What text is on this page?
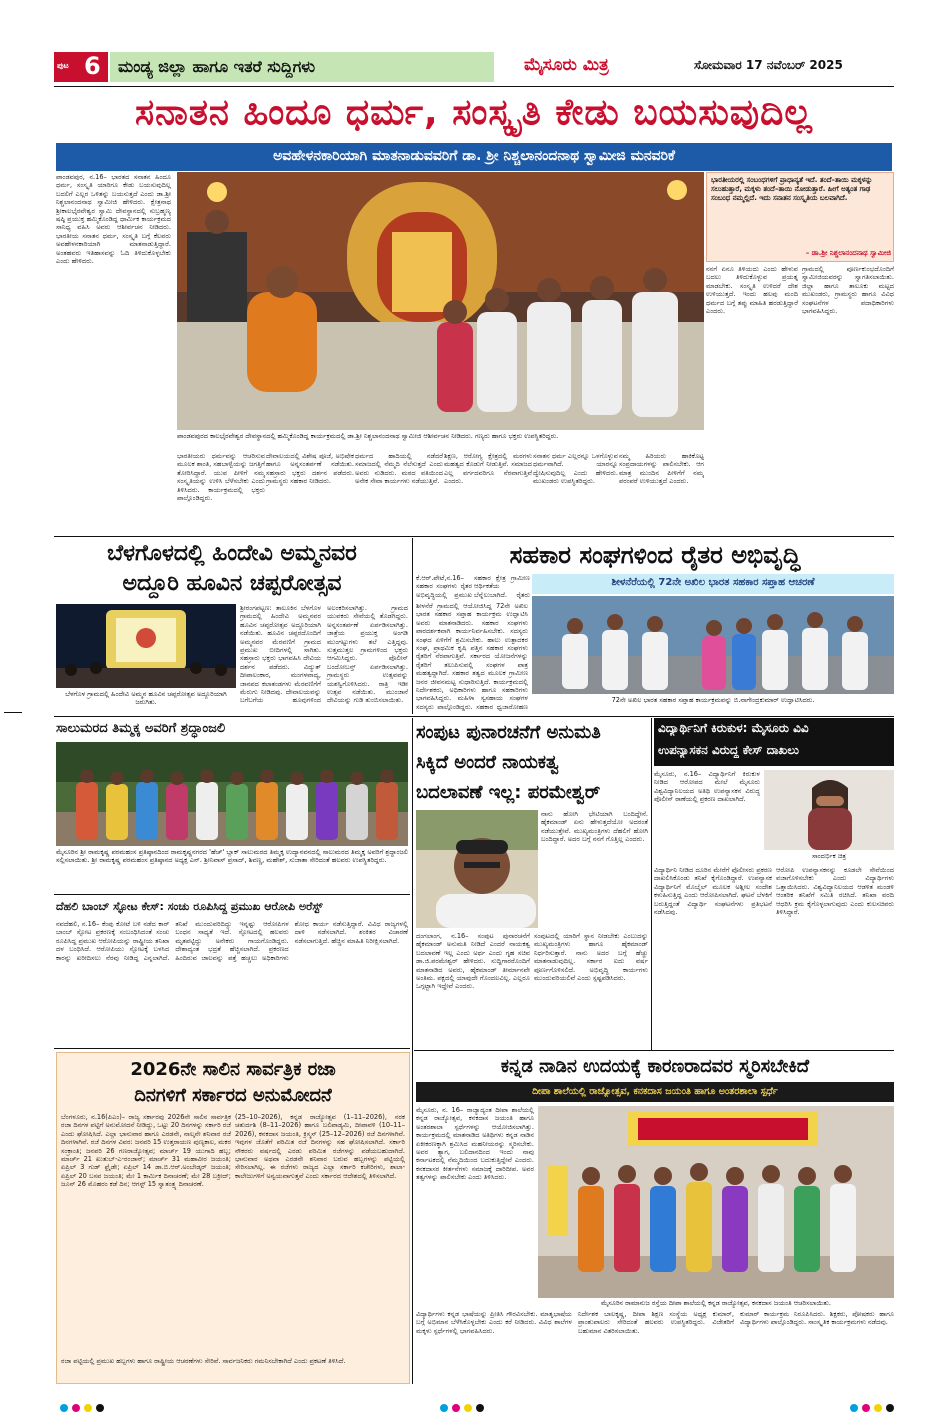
ಪುಟ 6 ಮಂಡ್ಯ ಜಿಲ್ಲಾ ಹಾಗೂ ಇತರೆ ಸುದ್ದಿಗಳು	ಮೈಸೂರು ಮಿತ್ರ	ಸೋಮವಾರ 17 ನವೆಂಬರ್ 2025
ಸನಾತನ ಹಿಂದೂ ಧರ್ಮ, ಸಂಸ್ಕೃತಿ ಕೇಡು ಬಯಸುವುದಿಲ್ಲ
ಅವಹೇಳನಕಾರಿಯಾಗಿ ಮಾತನಾಡುವವರಿಗೆ ಡಾ. ಶ್ರೀ ನಿಶ್ಚಲಾನಂದನಾಥ ಸ್ವಾಮೀಜಿ ಮನವರಿಕೆ
ಪಾಂಡವಪುರ, ನ.16– ಭಾರತದ ಸನಾತನ ಹಿಂದೂ ಧರ್ಮ, ಸಂಸ್ಕೃತಿ ಯಾರಿಗೂ ಕೇಡು ಬಯಸುವುದಿಲ್ಲ ಬದಲಿಗೆ ಎಲ್ಲರ ಒಳಿತನ್ನು ಬಯಸುತ್ತದೆ ಎಂದು ಡಾ.ಶ್ರೀ ನಿಶ್ಚಲಾನಂದನಾಥ ಸ್ವಾಮೀಜಿ ಹೇಳಿದರು. ಕ್ಷೇತ್ರನಾಥ ಶ್ರೀಕಾಲಭೈರವೇಶ್ವರ ಸ್ವಾಮಿ ದೇವಸ್ಥಾನದಲ್ಲಿ ಸುಬ್ರಹ್ಮಣ್ಯ ಷಷ್ಠಿ ಪ್ರಯುಕ್ತ ಹಮ್ಮಿಕೊಂಡಿದ್ದ ಧಾರ್ಮಿಕ ಕಾರ್ಯಕ್ರಮದ ಸಾನಿಧ್ಯ ವಹಿಸಿ ಅವರು ಆಶೀರ್ವಚನ ನೀಡಿದರು. ಭಾರತೀಯ ಸನಾತನ ಧರ್ಮ, ಸಂಸ್ಕೃತಿ ಬಗ್ಗೆ ಕೆಲವರು ಅವಹೇಳನಕಾರಿಯಾಗಿ ಮಾತನಾಡುತ್ತಿದ್ದಾರೆ. ಅಂತಹವರು ಇತಿಹಾಸವನ್ನು ಓದಿ ತಿಳಿದುಕೊಳ್ಳಬೇಕು ಎಂದು ಹೇಳಿದರು.
ಪಾಂಡವಪುರದ ಕಾಲಭೈರವೇಶ್ವರ ದೇವಸ್ಥಾನದಲ್ಲಿ ಹಮ್ಮಿಕೊಂಡಿದ್ದ ಕಾರ್ಯಕ್ರಮದಲ್ಲಿ ಡಾ.ಶ್ರೀ ನಿಶ್ಚಲಾನಂದನಾಥ ಸ್ವಾಮೀಜಿ ಆಶೀರ್ವಚನ ನೀಡಿದರು. ಗಣ್ಯರು ಹಾಗೂ ಭಕ್ತರು ಉಪಸ್ಥಿತರಿದ್ದರು.
ಭಾರತೀಯರು ಧರ್ಮವನ್ನು ಆಚರಿಸುವ ಮೂಲಕ ಶಾಂತಿ, ಸಹಬಾಳ್ವೆಯನ್ನು ಜಗತ್ತಿಗೆ ತೋರಿಸಿದ್ದಾರೆ. ಯುವ ಪೀಳಿಗೆ ನಮ್ಮ ಸಂಸ್ಕೃತಿಯನ್ನು ಉಳಿಸಿ ಬೆಳೆಸಬೇಕು ಎಂದು ತಿಳಿಸಿದರು. ಕಾರ್ಯಕ್ರಮದಲ್ಲಿ ಭಕ್ತರು ಪಾಲ್ಗೊಂಡಿದ್ದರು.
ದೇವಾಲಯದಲ್ಲಿ ವಿಶೇಷ ಪೂಜೆ, ಅಭಿಷೇಕ ಹಾಗೂ ಅನ್ನಸಂತರ್ಪಣೆ ನಡೆಯಿತು. ಸಹಸ್ರಾರು ಭಕ್ತರು ದರ್ಶನ ಪಡೆದರು. ಗ್ರಾಮಸ್ಥರು ಸಹಕಾರ ನೀಡಿದರು.
ಧರ್ಮದ ಹಾದಿಯಲ್ಲಿ ನಡೆದರೆ ಸಮಾಜದಲ್ಲಿ ನೆಮ್ಮದಿ ನೆಲೆಸುತ್ತದೆ ಎಂದು ಅವರು ನುಡಿದರು. ಮಠದ ವತಿಯಿಂದ ಅನೇಕ ಸೇವಾ ಕಾರ್ಯಗಳು ನಡೆಯುತ್ತಿವೆ.
ಶಿಕ್ಷಣ, ಆರೋಗ್ಯ ಕ್ಷೇತ್ರದಲ್ಲಿ ಮಠಗಳು ಮಹತ್ವದ ಕೊಡುಗೆ ನೀಡುತ್ತಿವೆ. ಸಮಾಜದ ಎಲ್ಲ ವರ್ಗದವರಿಗೂ ನೆರವಾಗುತ್ತಿವೆ ಎಂದರು.
ಸನಾತನ ಧರ್ಮ ಎಲ್ಲರನ್ನೂ ಒಳಗೊಳ್ಳುವ ಧರ್ಮವಾಗಿದೆ. ಯಾರನ್ನೂ ದ್ವೇಷಿಸುವುದಿಲ್ಲ ಎಂದು ಹೇಳಿದರು. ಮುಖಂಡರು ಉಪಸ್ಥಿತರಿದ್ದರು.
ನಮ್ಮ ಹಿರಿಯರು ಹಾಕಿಕೊಟ್ಟ ಸಂಪ್ರದಾಯಗಳನ್ನು ಪಾಲಿಸಬೇಕು. ಆಗ ಮಾತ್ರ ಮುಂದಿನ ಪೀಳಿಗೆಗೆ ನಮ್ಮ ಪರಂಪರೆ ಉಳಿಯುತ್ತದೆ ಎಂದರು.
ಭಾರತೀಯರಲ್ಲಿ ಸಂಬಂಧಗಳಿಗೆ ಪ್ರಾಧಾನ್ಯತೆ ಇದೆ. ತಂದೆ–ತಾಯಿ ಮಕ್ಕಳನ್ನು ಸಲುಹುತ್ತಾರೆ, ಮಕ್ಕಳು ತಂದೆ–ತಾಯಿ ನೋಡುತ್ತಾರೆ. ಹೀಗೆ ಅತ್ಯಂತ ಗಾಢ ಸಂಬಂಧ ನಮ್ಮಲ್ಲಿದೆ. ಇದು ಸನಾತನ ಸಂಸ್ಕೃತಿಯ ಬಲವಾಗಿದೆ.
– ಡಾ.ಶ್ರೀ ನಿಶ್ಚಲಾನಂದನಾಥ ಸ್ವಾಮೀಜಿ
ನನಗೆ ಏನೂ ತಿಳಿಯದು ಎಂದು ಹೇಳುವ ಬದಲು ತಿಳಿದುಕೊಳ್ಳುವ ಪ್ರಯತ್ನ ಮಾಡಬೇಕು. ಸಂಸ್ಕೃತಿ ಉಳಿದರೆ ದೇಶ ಉಳಿಯುತ್ತದೆ. ಇಂದು ಹಲವು ಮಂದಿ ಧರ್ಮದ ಬಗ್ಗೆ ತಪ್ಪು ಮಾಹಿತಿ ಹರಡುತ್ತಿದ್ದಾರೆ ಎಂದರು.
ಗ್ರಾಮದಲ್ಲಿ ಪೂರ್ಣಕುಂಭದೊಂದಿಗೆ ಸ್ವಾಮೀಜಿಯವರನ್ನು ಸ್ವಾಗತಿಸಲಾಯಿತು. ಜಿಲ್ಲಾ ಹಾಗೂ ತಾಲೂಕು ಮಟ್ಟದ ಮುಖಂಡರು, ಗ್ರಾಮಸ್ಥರು ಹಾಗೂ ವಿವಿಧ ಸಂಘಟನೆಗಳ ಪದಾಧಿಕಾರಿಗಳು ಭಾಗವಹಿಸಿದ್ದರು.
ಬೆಳಗೊಳದಲ್ಲಿ ಹಿಂದೇವಿ ಅಮ್ಮನವರ
ಅದ್ದೂರಿ ಹೂವಿನ ಚಪ್ಪರೋತ್ಸವ
ಬೆಳಗೊಳ ಗ್ರಾಮದಲ್ಲಿ ಹಿಂದೇವಿ ಅಮ್ಮನ ಹೂವಿನ ಚಪ್ಪರೋತ್ಸವ ಅದ್ದೂರಿಯಾಗಿ ಜರುಗಿತು.
ಶ್ರೀರಂಗಪಟ್ಟಣ: ತಾಲೂಕಿನ ಬೆಳಗೊಳ ಗ್ರಾಮದಲ್ಲಿ ಹಿಂದೇವಿ ಅಮ್ಮನವರ ಹೂವಿನ ಚಪ್ಪರೋತ್ಸವ ಅದ್ದೂರಿಯಾಗಿ ನಡೆಯಿತು. ಹೂವಿನ ಚಪ್ಪರದೊಂದಿಗೆ ಅಮ್ಮನವರ ಮೆರವಣಿಗೆ ಗ್ರಾಮದ ಪ್ರಮುಖ ಬೀದಿಗಳಲ್ಲಿ ಸಾಗಿತು. ಸಹಸ್ರಾರು ಭಕ್ತರು ಭಾಗವಹಿಸಿ ದೇವಿಯ ದರ್ಶನ ಪಡೆದರು. ವಿದ್ಯುತ್ ದೀಪಾಲಂಕಾರ, ಮಂಗಳವಾದ್ಯ, ಜಾನಪದ ಕಲಾತಂಡಗಳು ಮೆರವಣಿಗೆಗೆ ಮೆರುಗು ನೀಡಿದವು. ದೇವಾಲಯವನ್ನು ಬಗೆಬಗೆಯ ಹೂವುಗಳಿಂದ ಅಲಂಕರಿಸಲಾಗಿತ್ತು. ಗ್ರಾಮದ ಯುವಕರು ಸೇವೆಯಲ್ಲಿ ತೊಡಗಿದ್ದರು. ಅನ್ನಸಂತರ್ಪಣೆ ಏರ್ಪಡಿಸಲಾಗಿತ್ತು. ಜಾತ್ರೆಯ ಪ್ರಯುಕ್ತ ಅಂಗಡಿ ಮುಂಗಟ್ಟುಗಳು ತಲೆ ಎತ್ತಿದ್ದವು. ಸುತ್ತಮುತ್ತಲ ಗ್ರಾಮಗಳಿಂದ ಭಕ್ತರು ಆಗಮಿಸಿದ್ದರು. ಪೊಲೀಸ್ ಬಂದೋಬಸ್ತ್ ಏರ್ಪಡಿಸಲಾಗಿತ್ತು. ಗ್ರಾಮಸ್ಥರು ಉತ್ಸವವನ್ನು ಯಶಸ್ವಿಗೊಳಿಸಿದರು. ರಾತ್ರಿ ಇಡೀ ಉತ್ಸವ ನಡೆಯಿತು. ಮುಂಜಾನೆ ದೇವಿಯನ್ನು ಗುಡಿ ತುಂಬಿಸಲಾಯಿತು.
ಸಹಕಾರ ಸಂಘಗಳಿಂದ ರೈತರ ಅಭಿವೃದ್ಧಿ
ಶೀಳನೆರೆಯಲ್ಲಿ 72ನೇ ಅಖಿಲ ಭಾರತ ಸಹಕಾರ ಸಪ್ತಾಹ ಆಚರಣೆ
ಕೆ.ಆರ್.ಪೇಟೆ,ನ.16– ಸಹಕಾರ ಸಂಘಗಳು ರೈತರ ಅಭಿವೃದ್ಧಿಯಲ್ಲಿ ಪ್ರಮುಖ
ಸಹಕಾರ ಕ್ಷೇತ್ರ ಗ್ರಾಮೀಣ ಆರ್ಥಿಕತೆಯ ಬೆನ್ನೆಲುಬಾಗಿದೆ. ರೈತರು
ಶೀಳನೆರೆ ಗ್ರಾಮದಲ್ಲಿ ಆಯೋಜಿಸಿದ್ದ 72ನೇ ಅಖಿಲ ಭಾರತ ಸಹಕಾರ ಸಪ್ತಾಹ ಕಾರ್ಯಕ್ರಮ ಉದ್ಘಾಟಿಸಿ ಅವರು ಮಾತನಾಡಿದರು. ಸಹಕಾರ ಸಂಘಗಳು ಪಾರದರ್ಶಕವಾಗಿ ಕಾರ್ಯನಿರ್ವಹಿಸಬೇಕು. ಸದಸ್ಯರು ಸಂಘದ ಏಳಿಗೆಗೆ ಶ್ರಮಿಸಬೇಕು. ಹಾಲು ಉತ್ಪಾದಕರ ಸಂಘ, ಪ್ರಾಥಮಿಕ ಕೃಷಿ ಪತ್ತಿನ ಸಹಕಾರ ಸಂಘಗಳು ರೈತರಿಗೆ ನೆರವಾಗುತ್ತಿವೆ. ಸರ್ಕಾರದ ಯೋಜನೆಗಳನ್ನು ರೈತರಿಗೆ ತಲುಪಿಸುವಲ್ಲಿ ಸಂಘಗಳ ಪಾತ್ರ ಮಹತ್ವದ್ದಾಗಿದೆ. ಸಹಕಾರ ತತ್ವದ ಮೂಲಕ ಗ್ರಾಮೀಣ ಜನರ ಜೀವನಮಟ್ಟ ಸುಧಾರಿಸುತ್ತಿದೆ. ಕಾರ್ಯಕ್ರಮದಲ್ಲಿ ನಿರ್ದೇಶಕರು, ಅಧಿಕಾರಿಗಳು ಹಾಗೂ ಸಹಕಾರಿಗಳು ಭಾಗವಹಿಸಿದ್ದರು. ಮಹಿಳಾ ಸ್ವಸಹಾಯ ಸಂಘಗಳ ಸದಸ್ಯರು ಪಾಲ್ಗೊಂಡಿದ್ದರು. ಸಹಕಾರ ಧ್ವಜಾರೋಹಣ
72ನೇ ಅಖಿಲ ಭಾರತ ಸಹಕಾರ ಸಪ್ತಾಹ ಕಾರ್ಯಕ್ರಮವನ್ನು ಬಿ.ನಾಗೇಂದ್ರಕುಮಾರ್ ಉದ್ಘಾಟಿಸಿದರು.
ಸಾಲುಮರದ ತಿಮ್ಮಕ್ಕ ಅವರಿಗೆ ಶ್ರದ್ಧಾಂಜಲಿ
ಮೈಸೂರಿನ ಶ್ರೀ ರಾಮಕೃಷ್ಣ ಪರಮಹಂಸ ಪ್ರತಿಷ್ಠಾನದಿಂದ ರಾಮಕೃಷ್ಣನಗರದ 'ಹೆಚ್' ಬ್ಲಾಕ್ ಸಾಲುಮರದ ತಿಮ್ಮಕ್ಕ ಉದ್ಯಾನವನದಲ್ಲಿ ಸಾಲುಮರದ ತಿಮ್ಮಕ್ಕ ಅವರಿಗೆ ಶ್ರದ್ಧಾಂಜಲಿ ಸಲ್ಲಿಸಲಾಯಿತು. ಶ್ರೀ ರಾಮಕೃಷ್ಣ ಪರಮಹಂಸ ಪ್ರತಿಷ್ಠಾನದ ಅಧ್ಯಕ್ಷ ಎನ್. ಶ್ರೀನಿವಾಸ್ ಪ್ರಸಾದ್, ಶಿವಣ್ಣ, ಮಹೇಶ್, ಸುಜಾತಾ ಸೇರಿದಂತೆ ಹಲವರು ಉಪಸ್ಥಿತರಿದ್ದರು.
ದೆಹಲಿ ಬಾಂಬ್ ಸ್ಫೋಟ ಕೇಸ್: ಸಂಚು ರೂಪಿಸಿದ್ದ ಪ್ರಮುಖ ಆರೋಪಿ ಅರೆಸ್ಟ್
ನವದೆಹಲಿ, ನ.16– ಕೆಂಪು ಕೋಟೆ ಬಳಿ ನಡೆದ ಕಾರ್ ಬಾಂಬ್ ಸ್ಫೋಟ ಪ್ರಕರಣಕ್ಕೆ ಸಂಬಂಧಿಸಿದಂತೆ ಸಂಚು ರೂಪಿಸಿದ್ದ ಪ್ರಮುಖ ಆರೋಪಿಯನ್ನು ರಾಷ್ಟ್ರೀಯ ತನಿಖಾ ದಳ ಬಂಧಿಸಿದೆ. ಆರೋಪಿಯು ಸ್ಫೋಟಕ್ಕೆ ಬಳಸಿದ ಕಾರನ್ನು ಖರೀದಿಸಲು ನೆರವು ನೀಡಿದ್ದ ಎನ್ನಲಾಗಿದೆ. ತನಿಖೆ ಮುಂದುವರಿದಿದ್ದು ಇನ್ನಷ್ಟು ಆರೋಪಿಗಳ ಬಂಧನ ಸಾಧ್ಯತೆ ಇದೆ. ಸ್ಫೋಟದಲ್ಲಿ ಹಲವರು ಮೃತಪಟ್ಟಿದ್ದು ಅನೇಕರು ಗಾಯಗೊಂಡಿದ್ದರು. ದೇಶಾದ್ಯಂತ ಭದ್ರತೆ ಹೆಚ್ಚಿಸಲಾಗಿದೆ. ಪ್ರಕರಣದ ಹಿಂದಿರುವ ಜಾಲವನ್ನು ಪತ್ತೆ ಹಚ್ಚಲು ಅಧಿಕಾರಿಗಳು ಶೋಧ ಕಾರ್ಯ ನಡೆಸುತ್ತಿದ್ದಾರೆ. ವಿವಿಧ ರಾಜ್ಯಗಳಲ್ಲಿ ದಾಳಿ ನಡೆಸಲಾಗಿದೆ. ಶಂಕಿತರ ವಿಚಾರಣೆ ನಡೆಸಲಾಗುತ್ತಿದೆ. ಹೆಚ್ಚಿನ ಮಾಹಿತಿ ನಿರೀಕ್ಷಿಸಲಾಗಿದೆ.
ಸಂಪುಟ ಪುನಾರಚನೆಗೆ ಅನುಮತಿ
ಸಿಕ್ಕಿದೆ ಅಂದರೆ ನಾಯಕತ್ವ
ಬದಲಾವಣೆ ಇಲ್ಲ: ಪರಮೇಶ್ವರ್
ನಾನು ಹೋಗಿ ಭೇಟಿಯಾಗಿ ಬಂದಿದ್ದೇನೆ. ಹೈಕಮಾಂಡ್ ಏನು ಹೇಳುತ್ತದೆಯೋ ಅದರಂತೆ ನಡೆಯುತ್ತೇವೆ. ಮುಖ್ಯಮಂತ್ರಿಗಳು ದೆಹಲಿಗೆ ಹೋಗಿ ಬಂದಿದ್ದಾರೆ. ಅದರ ಬಗ್ಗೆ ನನಗೆ ಗೊತ್ತಿಲ್ಲ ಎಂದರು.
ದಂಗಲಾಂಗ, ನ.16– ಸಂಪುಟ ಪುನಾರಚನೆಗೆ ಹೈಕಮಾಂಡ್ ಅನುಮತಿ ನೀಡಿದೆ ಎಂದರೆ ನಾಯಕತ್ವ ಬದಲಾವಣೆ ಇಲ್ಲ ಎಂದು ಅರ್ಥ ಎಂದು ಗೃಹ ಸಚಿವ ಡಾ.ಜಿ.ಪರಮೇಶ್ವರ್ ಹೇಳಿದರು. ಸುದ್ದಿಗಾರರೊಂದಿಗೆ ಮಾತನಾಡಿದ ಅವರು, ಹೈಕಮಾಂಡ್ ತೀರ್ಮಾನವೇ ಅಂತಿಮ. ಪಕ್ಷದಲ್ಲಿ ಯಾವುದೇ ಗೊಂದಲವಿಲ್ಲ. ಎಲ್ಲರೂ ಒಗ್ಗಟ್ಟಾಗಿ ಇದ್ದೇವೆ ಎಂದರು.
ಸಂಪುಟದಲ್ಲಿ ಯಾರಿಗೆ ಸ್ಥಾನ ನೀಡಬೇಕು ಎಂಬುದನ್ನು ಮುಖ್ಯಮಂತ್ರಿಗಳು ಹಾಗೂ ಹೈಕಮಾಂಡ್ ನಿರ್ಧರಿಸುತ್ತಾರೆ. ನಾನು ಅದರ ಬಗ್ಗೆ ಹೆಚ್ಚು ಮಾತನಾಡುವುದಿಲ್ಲ. ಸರ್ಕಾರ ಐದು ವರ್ಷ ಪೂರ್ಣಗೊಳಿಸಲಿದೆ. ಅಭಿವೃದ್ಧಿ ಕಾರ್ಯಗಳು ಮುಂದುವರಿಯಲಿವೆ ಎಂದು ಸ್ಪಷ್ಟಪಡಿಸಿದರು.
ವಿದ್ಯಾರ್ಥಿನಿಗೆ ಕಿರುಕುಳ: ಮೈಸೂರು ವಿವಿ
ಉಪನ್ಯಾಸಕನ ವಿರುದ್ಧ ಕೇಸ್ ದಾಖಲು
ಮೈಸೂರು, ನ.16– ವಿದ್ಯಾರ್ಥಿನಿಗೆ ಕಿರುಕುಳ ನೀಡಿದ ಆರೋಪದ ಮೇಲೆ ಮೈಸೂರು ವಿಶ್ವವಿದ್ಯಾನಿಲಯದ ಅತಿಥಿ ಉಪನ್ಯಾಸಕನ ವಿರುದ್ಧ ಪೊಲೀಸ್ ಠಾಣೆಯಲ್ಲಿ ಪ್ರಕರಣ ದಾಖಲಾಗಿದೆ.
ಸಾಂದರ್ಭಿಕ ಚಿತ್ರ
ವಿದ್ಯಾರ್ಥಿನಿ ನೀಡಿದ ದೂರಿನ ಮೇರೆಗೆ ಪೊಲೀಸರು ಪ್ರಕರಣ ದಾಖಲಿಸಿಕೊಂಡು ತನಿಖೆ ಕೈಗೊಂಡಿದ್ದಾರೆ. ಉಪನ್ಯಾಸಕ ವಿದ್ಯಾರ್ಥಿನಿಗೆ ಮೊಬೈಲ್ ಮೂಲಕ ಅಶ್ಲೀಲ ಸಂದೇಶ ಕಳುಹಿಸುತ್ತಿದ್ದ ಎಂದು ಆರೋಪಿಸಲಾಗಿದೆ. ಘಟನೆ ಬೆಳಕಿಗೆ ಬರುತ್ತಿದ್ದಂತೆ ವಿದ್ಯಾರ್ಥಿ ಸಂಘಟನೆಗಳು ಪ್ರತಿಭಟನೆ ನಡೆಸಿದವು.
ಆರೋಪಿ ಉಪನ್ಯಾಸಕನನ್ನು ಕೂಡಲೇ ಸೇವೆಯಿಂದ ವಜಾಗೊಳಿಸಬೇಕು ಎಂದು ವಿದ್ಯಾರ್ಥಿಗಳು ಒತ್ತಾಯಿಸಿದರು. ವಿಶ್ವವಿದ್ಯಾನಿಲಯದ ಆಡಳಿತ ಮಂಡಳಿ ಆಂತರಿಕ ತನಿಖೆಗೆ ಸಮಿತಿ ರಚಿಸಿದೆ. ತನಿಖಾ ವರದಿ ಆಧರಿಸಿ ಕ್ರಮ ಕೈಗೊಳ್ಳಲಾಗುವುದು ಎಂದು ಕುಲಸಚಿವರು ತಿಳಿಸಿದ್ದಾರೆ.
2026ನೇ ಸಾಲಿನ ಸಾರ್ವತ್ರಿಕ ರಜಾ
ದಿನಗಳಿಗೆ ಸರ್ಕಾರದ ಅನುಮೋದನೆ
ಬೆಂಗಳೂರು, ನ.16(ಪಿಎಂ)– ರಾಜ್ಯ ಸರ್ಕಾರವು 2026ನೇ ಸಾಲಿನ ಸಾರ್ವತ್ರಿಕ ರಜಾ ದಿನಗಳ ಪಟ್ಟಿಗೆ ಅನುಮೋದನೆ ನೀಡಿದ್ದು, ಒಟ್ಟು 20 ದಿನಗಳನ್ನು ಸರ್ಕಾರಿ ರಜೆ ಎಂದು ಘೋಷಿಸಿದೆ. ಎಲ್ಲಾ ಭಾನುವಾರ ಹಾಗೂ ಎರಡನೇ, ನಾಲ್ಕನೇ ಶನಿವಾರ ರಜೆ ದಿನಗಳಾಗಿವೆ. ರಜೆ ದಿನಗಳ ವಿವರ: ಜನವರಿ 15 ಉತ್ತರಾಯಣ ಪುಣ್ಯಕಾಲ, ಮಕರ ಸಂಕ್ರಾಂತಿ; ಜನವರಿ 26 ಗಣರಾಜ್ಯೋತ್ಸವ; ಮಾರ್ಚ್ 19 ಯುಗಾದಿ ಹಬ್ಬ; ಮಾರ್ಚ್ 21 ಖುತುಬ್-ಎ-ರಂಜಾನ್; ಮಾರ್ಚ್ 31 ಮಹಾವೀರ ಜಯಂತಿ; ಏಪ್ರಿಲ್ 3 ಗುಡ್ ಫ್ರೈಡೇ; ಏಪ್ರಿಲ್ 14 ಡಾ.ಬಿ.ಆರ್.ಅಂಬೇಡ್ಕರ್ ಜಯಂತಿ; ಏಪ್ರಿಲ್ 20 ಬಸವ ಜಯಂತಿ; ಮೇ 1 ಕಾರ್ಮಿಕ ದಿನಾಚರಣೆ; ಮೇ 28 ಬಕ್ರೀದ್; ಜೂನ್ 26 ಮೊಹರಂ ಕಡೆ ದಿನ; ಆಗಸ್ಟ್ 15 ಸ್ವಾತಂತ್ರ್ಯ ದಿನಾಚರಣೆ.
(25–10–2026), ಕನ್ನಡ ರಾಜ್ಯೋತ್ಸವ (1–11–2026), ನರಕ ಚತುರ್ದಶಿ (8–11–2026) ಹಾಗೂ ಬಲಿಪಾಡ್ಯಮಿ, ದೀಪಾವಳಿ (10–11–2026), ಕನಕದಾಸ ಜಯಂತಿ, ಕ್ರಿಸ್ಮಸ್ (25–12–2026) ರಜೆ ದಿನಗಳಾಗಿವೆ. ಇವುಗಳ ಜೊತೆಗೆ ಪರಿಮಿತ ರಜೆ ದಿನಗಳನ್ನು ಸಹ ಘೋಷಿಸಲಾಗಿದೆ. ಸರ್ಕಾರಿ ನೌಕರರು ವರ್ಷದಲ್ಲಿ ಎರಡು ಪರಿಮಿತ ರಜೆಗಳನ್ನು ಪಡೆಯಬಹುದಾಗಿದೆ. ಭಾನುವಾರ ಅಥವಾ ಎರಡನೇ ಶನಿವಾರ ಬರುವ ಹಬ್ಬಗಳನ್ನು ಪಟ್ಟಿಯಲ್ಲಿ ಸೇರಿಸಲಾಗಿಲ್ಲ. ಈ ರಜೆಗಳು ರಾಜ್ಯದ ಎಲ್ಲಾ ಸರ್ಕಾರಿ ಕಚೇರಿಗಳು, ಶಾಲಾ-ಕಾಲೇಜುಗಳಿಗೆ ಅನ್ವಯವಾಗುತ್ತವೆ ಎಂದು ಸರ್ಕಾರದ ಆದೇಶದಲ್ಲಿ ತಿಳಿಸಲಾಗಿದೆ.
ರಜಾ ಪಟ್ಟಿಯಲ್ಲಿ ಪ್ರಮುಖ ಹಬ್ಬಗಳು ಹಾಗೂ ರಾಷ್ಟ್ರೀಯ ಆಚರಣೆಗಳು ಸೇರಿವೆ. ಸಾರ್ವಜನಿಕರು ಗಮನಿಸಬೇಕಾಗಿದೆ ಎಂದು ಪ್ರಕಟಣೆ ತಿಳಿಸಿದೆ.
ಕನ್ನಡ ನಾಡಿನ ಉದಯಕ್ಕೆ ಕಾರಣರಾದವರ ಸ್ಮರಿಸಬೇಕಿದೆ
ದೀಪಾ ಶಾಲೆಯಲ್ಲಿ ರಾಜ್ಯೋತ್ಸವ, ಕನಕದಾಸ ಜಯಂತಿ ಹಾಗೂ ಅಂತರಶಾಲಾ ಸ್ಪರ್ಧೆ
ಮೈಸೂರು, ನ. 16– ರಾಜ್ಯಾದ್ಯಂತ ದೀಪಾ ಶಾಲೆಯಲ್ಲಿ ಕನ್ನಡ ರಾಜ್ಯೋತ್ಸವ, ಕನಕದಾಸ ಜಯಂತಿ ಹಾಗೂ ಅಂತರಶಾಲಾ ಸ್ಪರ್ಧೆಗಳನ್ನು ಆಯೋಜಿಸಲಾಗಿತ್ತು. ಕಾರ್ಯಕ್ರಮದಲ್ಲಿ ಮಾತನಾಡಿದ ಅತಿಥಿಗಳು ಕನ್ನಡ ನಾಡಿನ ಏಕೀಕರಣಕ್ಕಾಗಿ ಶ್ರಮಿಸಿದ ಮಹನೀಯರನ್ನು ಸ್ಮರಿಸಬೇಕು. ಅವರ ತ್ಯಾಗ, ಬಲಿದಾನದಿಂದ ಇಂದು ನಾವು ಕರ್ನಾಟಕದಲ್ಲಿ ನೆಮ್ಮದಿಯಿಂದ ಬದುಕುತ್ತಿದ್ದೇವೆ ಎಂದರು. ಕನಕದಾಸರ ಕೀರ್ತನೆಗಳು ಸಮಾಜಕ್ಕೆ ದಾರಿದೀಪ. ಅವರ ತತ್ವಗಳನ್ನು ಪಾಲಿಸಬೇಕು ಎಂದು ತಿಳಿಸಿದರು.
ಮೈಸೂರಿನ ರಾಮಾನುಜ ರಸ್ತೆಯ ದೀಪಾ ಶಾಲೆಯಲ್ಲಿ ಕನ್ನಡ ರಾಜ್ಯೋತ್ಸವ, ಕನಕದಾಸ ಜಯಂತಿ ಆಚರಿಸಲಾಯಿತು.
ವಿದ್ಯಾರ್ಥಿಗಳು ಕನ್ನಡ ಭಾಷೆಯನ್ನು ಪ್ರೀತಿಸಿ ಗೌರವಿಸಬೇಕು. ಮಾತೃಭಾಷೆಯ ಬಗ್ಗೆ ಅಭಿಮಾನ ಬೆಳೆಸಿಕೊಳ್ಳಬೇಕು ಎಂದು ಕರೆ ನೀಡಿದರು. ವಿವಿಧ ಶಾಲೆಗಳ ಮಕ್ಕಳು ಸ್ಪರ್ಧೆಗಳಲ್ಲಿ ಭಾಗವಹಿಸಿದರು.
ನಿರ್ದೇಶಕ ಬಾಲಕೃಷ್ಣ, ದೀಪಾ ಶಿಕ್ಷಣ ಸಂಸ್ಥೆಯ ಅಧ್ಯಕ್ಷ ಕುಮಾರ್, ಪ್ರಾಂಶುಪಾಲರು ಸೇರಿದಂತೆ ಹಲವರು ಉಪಸ್ಥಿತರಿದ್ದರು. ವಿಜೇತರಿಗೆ ಬಹುಮಾನ ವಿತರಿಸಲಾಯಿತು.
ಕುಮಾರ್ ಕಾರ್ಯಕ್ರಮ ನಿರೂಪಿಸಿದರು. ಶಿಕ್ಷಕರು, ಪೋಷಕರು ಹಾಗೂ ವಿದ್ಯಾರ್ಥಿಗಳು ಪಾಲ್ಗೊಂಡಿದ್ದರು. ಸಾಂಸ್ಕೃತಿಕ ಕಾರ್ಯಕ್ರಮಗಳು ನಡೆದವು.
